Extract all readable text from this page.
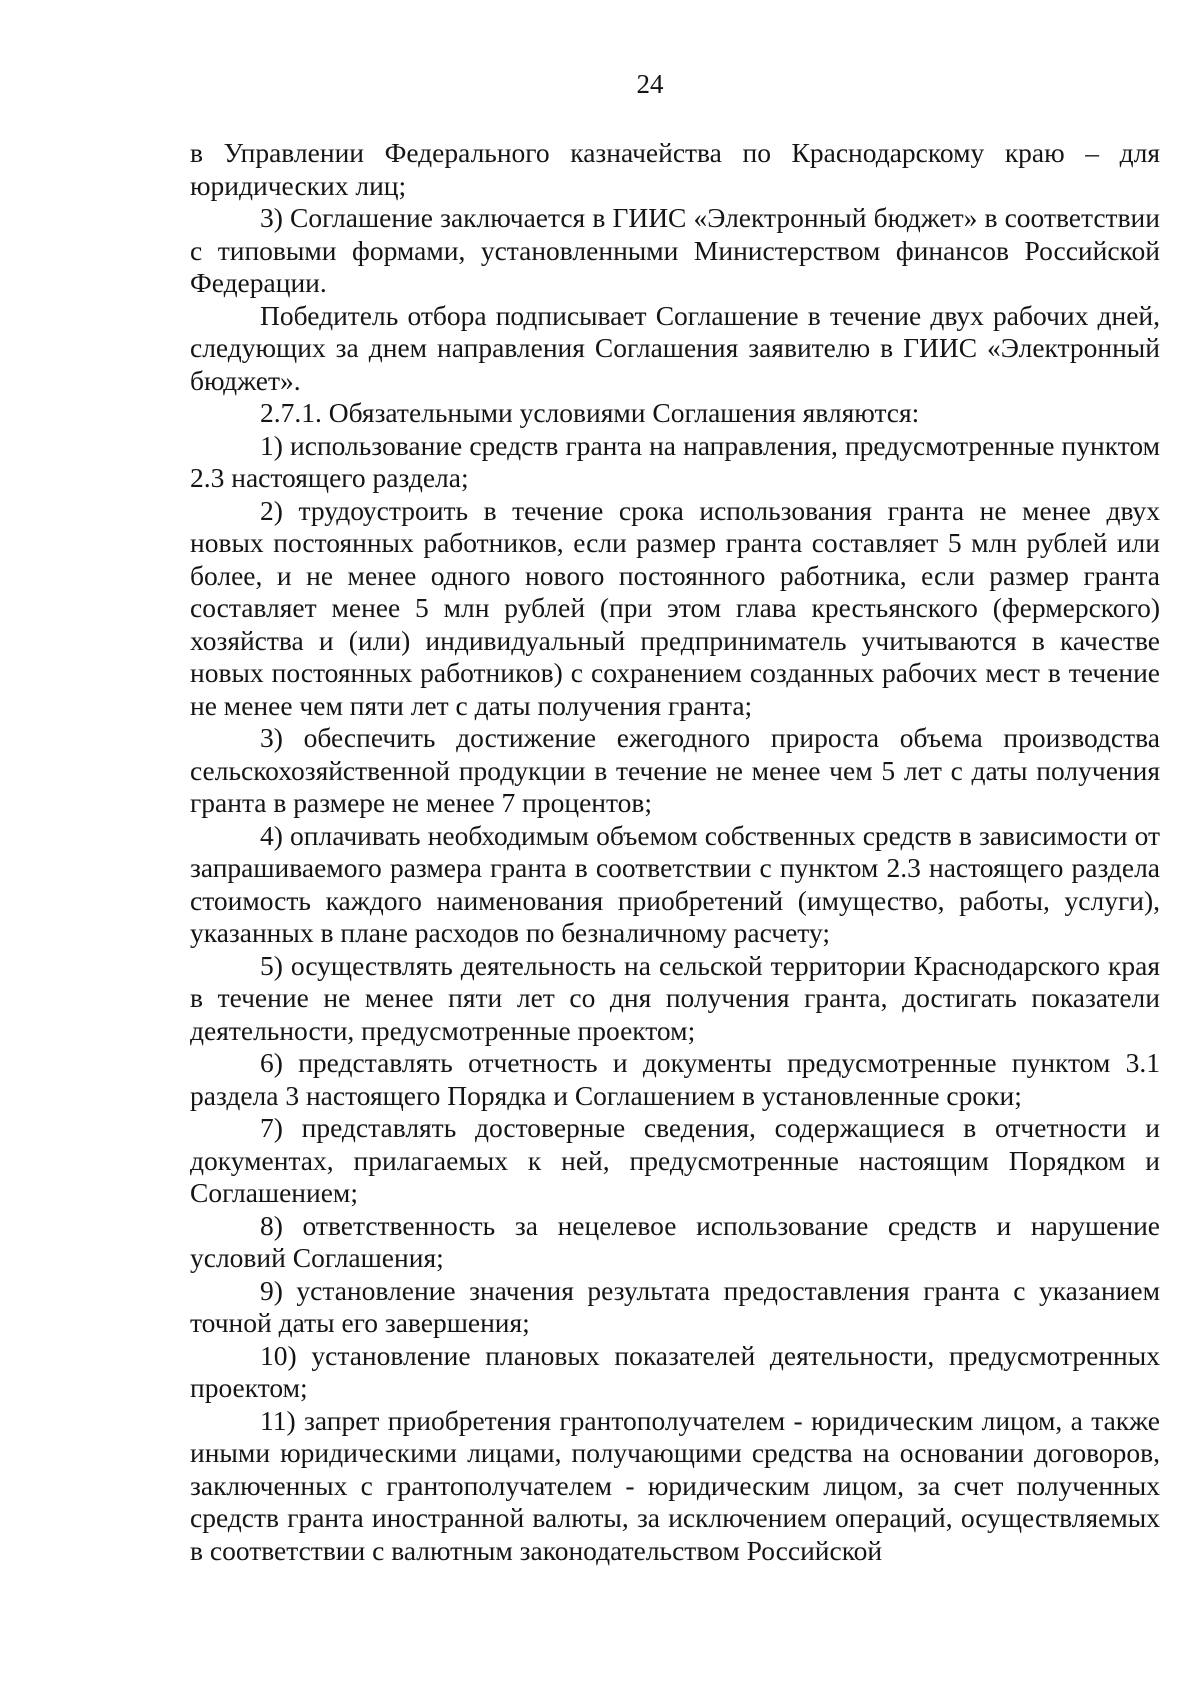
24

в Управлении Федерального казначейства по Краснодарскому краю – для юридических лиц;

3) Соглашение заключается в ГИИС «Электронный бюджет» в соответствии с типовыми формами, установленными Министерством финансов Российской Федерации.

Победитель отбора подписывает Соглашение в течение двух рабочих дней, следующих за днем направления Соглашения заявителю в ГИИС «Электронный бюджет».

2.7.1. Обязательными условиями Соглашения являются:

1) использование средств гранта на направления, предусмотренные пунктом 2.3 настоящего раздела;

2) трудоустроить в течение срока использования гранта не менее двух новых постоянных работников, если размер гранта составляет 5 млн рублей или более, и не менее одного нового постоянного работника, если размер гранта составляет менее 5 млн рублей (при этом глава крестьянского (фермерского) хозяйства и (или) индивидуальный предприниматель учитываются в качестве новых постоянных работников) с сохранением созданных рабочих мест в течение не менее чем пяти лет с даты получения гранта;

3) обеспечить достижение ежегодного прироста объема производства сельскохозяйственной продукции в течение не менее чем 5 лет с даты получения гранта в размере не менее 7 процентов;

4) оплачивать необходимым объемом собственных средств в зависимости от запрашиваемого размера гранта в соответствии с пунктом 2.3 настоящего раздела стоимость каждого наименования приобретений (имущество, работы, услуги), указанных в плане расходов по безналичному расчету;

5) осуществлять деятельность на сельской территории Краснодарского края в течение не менее пяти лет со дня получения гранта, достигать показатели деятельности, предусмотренные проектом;

6) представлять отчетность и документы предусмотренные пунктом 3.1 раздела 3 настоящего Порядка и Соглашением в установленные сроки;

7) представлять достоверные сведения, содержащиеся в отчетности и документах, прилагаемых к ней, предусмотренные настоящим Порядком и Соглашением;

8) ответственность за нецелевое использование средств и нарушение условий Соглашения;

9) установление значения результата предоставления гранта с указанием точной даты его завершения;

10) установление плановых показателей деятельности, предусмотренных проектом;

11) запрет приобретения грантополучателем - юридическим лицом, а также иными юридическими лицами, получающими средства на основании договоров, заключенных с грантополучателем - юридическим лицом, за счет полученных средств гранта иностранной валюты, за исключением операций, осуществляемых в соответствии с валютным законодательством Российской
